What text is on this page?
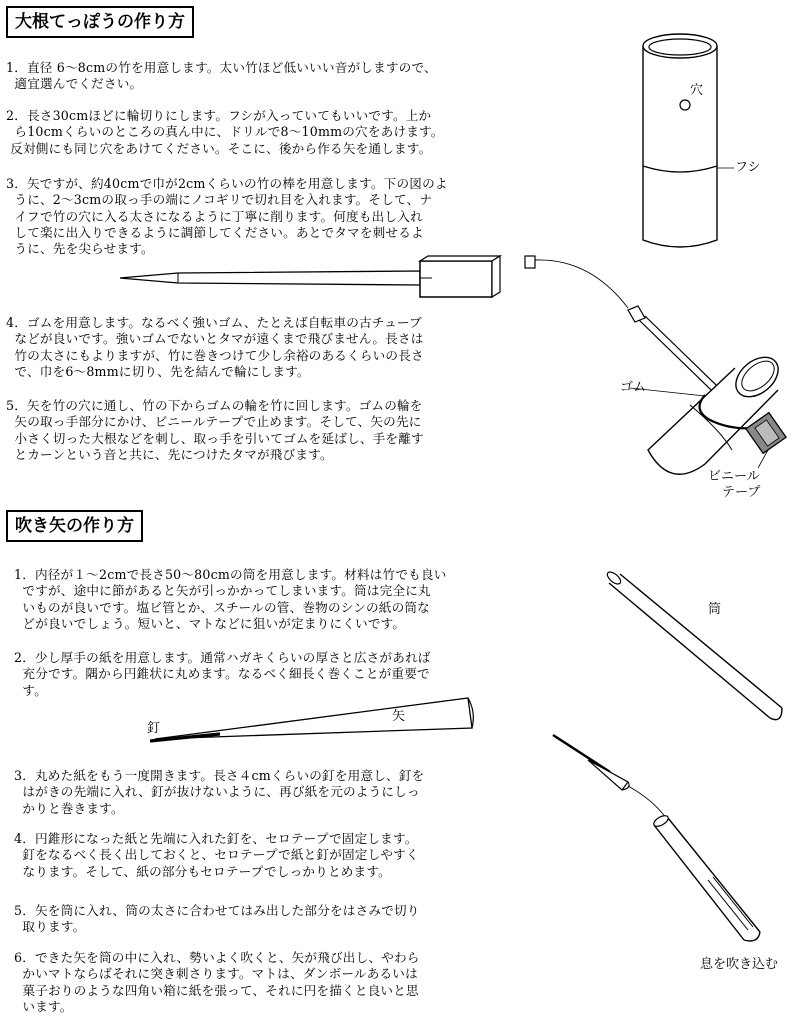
大根てっぽうの作り方
1．直径 6～8cmの竹を用意します。太い竹ほど低いいい音がしますので、
適宜選んでください。
2．長さ30cmほどに輪切りにします。フシが入っていてもいいです。上か
ら10cmくらいのところの真ん中に、ドリルで8～10mmの穴をあけます。
反対側にも同じ穴をあけてください。そこに、後から作る矢を通します。
3．矢ですが、約40cmで巾が2cmくらいの竹の棒を用意します。下の図のよ
うに、2～3cmの取っ手の端にノコギリで切れ目を入れます。そして、ナ
イフで竹の穴に入る太さになるように丁寧に削ります。何度も出し入れ
して楽に出入りできるように調節してください。あとでタマを刺せるよ
うに、先を尖らせます。
4．ゴムを用意します。なるべく強いゴム、たとえば自転車の古チューブ
などが良いです。強いゴムでないとタマが遠くまで飛びません。長さは
竹の太さにもよりますが、竹に巻きつけて少し余裕のあるくらいの長さ
で、巾を6～8mmに切り、先を結んで輪にします。
5．矢を竹の穴に通し、竹の下からゴムの輪を竹に回します。ゴムの輪を
矢の取っ手部分にかけ、ビニールテープで止めます。そして、矢の先に
小さく切った大根などを刺し、取っ手を引いてゴムを延ばし、手を離す
とカーンという音と共に、先につけたタマが飛びます。
穴
フシ
ゴム
ビニール
テープ
吹き矢の作り方
1．内径が１～2cmで長さ50～80cmの筒を用意します。材料は竹でも良い
ですが、途中に節があると矢が引っかかってしまいます。筒は完全に丸
いものが良いです。塩ビ管とか、スチールの管、巻物のシンの紙の筒な
どが良いでしょう。短いと、マトなどに狙いが定まりにくいです。
2．少し厚手の紙を用意します。通常ハガキくらいの厚さと広さがあれば
充分です。隅から円錐状に丸めます。なるべく細長く巻くことが重要で
す。
3．丸めた紙をもう一度開きます。長さ４cmくらいの釘を用意し、釘を
はがきの先端に入れ、釘が抜けないように、再び紙を元のようにしっ
かりと巻きます。
4．円錐形になった紙と先端に入れた釘を、セロテープで固定します。
釘をなるべく長く出しておくと、セロテープで紙と釘が固定しやすく
なります。そして、紙の部分もセロテープでしっかりとめます。
5．矢を筒に入れ、筒の太さに合わせてはみ出した部分をはさみで切り
取ります。
6．できた矢を筒の中に入れ、勢いよく吹くと、矢が飛び出し、やわら
かいマトならばそれに突き刺さります。マトは、ダンボールあるいは
菓子おりのような四角い箱に紙を張って、それに円を描くと良いと思
います。
釘
矢
筒
息を吹き込む
